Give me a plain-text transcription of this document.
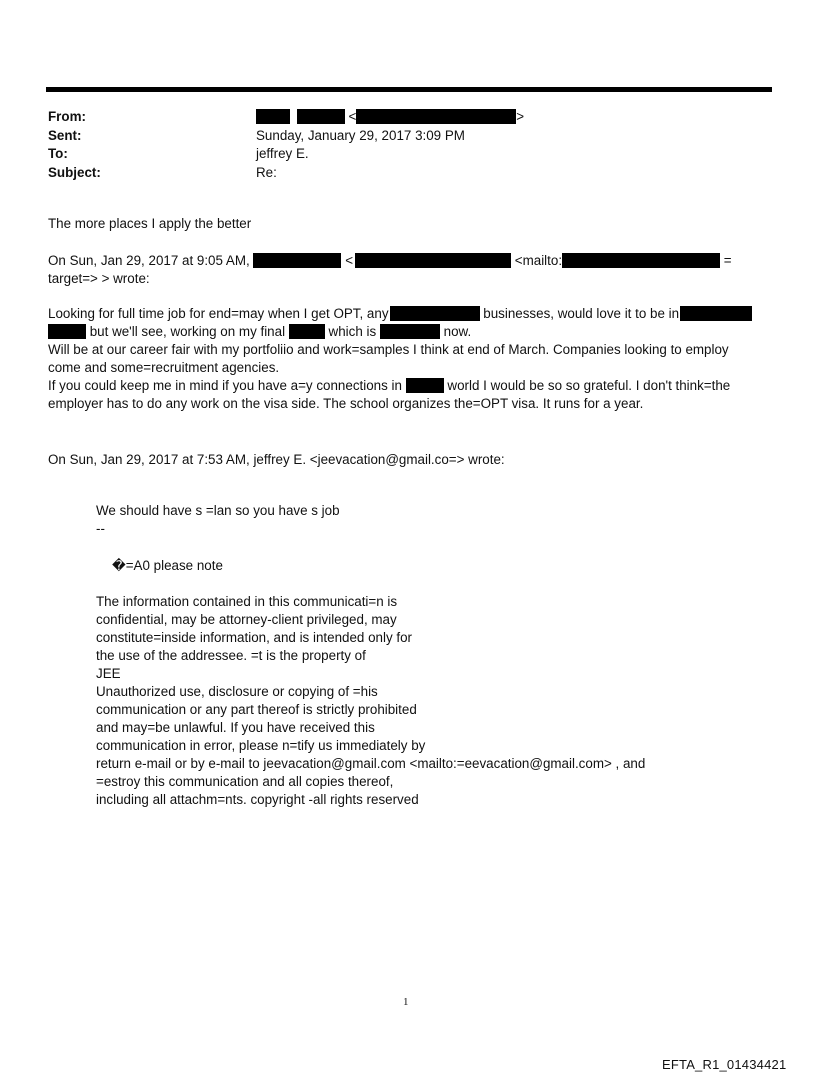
From:	<	>
Sent:	Sunday, January 29, 2017 3:09 PM
To:	jeffrey E.
Subject:	Re:
The more places I apply the better
On Sun, Jan 29, 2017 at 9:05 AM,	<	<mailto:	=
target=> > wrote:
Looking for full time job for end=may when I get OPT, any	businesses, would love it to be in
but we'll see, working on my final	which is	now.
Will be at our career fair with my portfoliio and work=samples I think at end of March. Companies looking to employ
come and some=recruitment agencies.
If you could keep me in mind if you have a=y connections in	world I would be so so grateful. I don't think=the
employer has to do any work on the visa side. The school organizes the=OPT visa. It runs for a year.
On Sun, Jan 29, 2017 at 7:53 AM, jeffrey E. <jeevacation@gmail.co=> wrote:
We should have s =lan so you have s job
--
�=A0 please note
The information contained in this communicati=n is
confidential, may be attorney-client privileged, may
constitute=inside information, and is intended only for
the use of the addressee. =t is the property of
JEE
Unauthorized use, disclosure or copying of =his
communication or any part thereof is strictly prohibited
and may=be unlawful. If you have received this
communication in error, please n=tify us immediately by
return e-mail or by e-mail to jeevacation@gmail.com <mailto:=eevacation@gmail.com> , and
=estroy this communication and all copies thereof,
including all attachm=nts. copyright -all rights reserved
1
EFTA_R1_01434421
